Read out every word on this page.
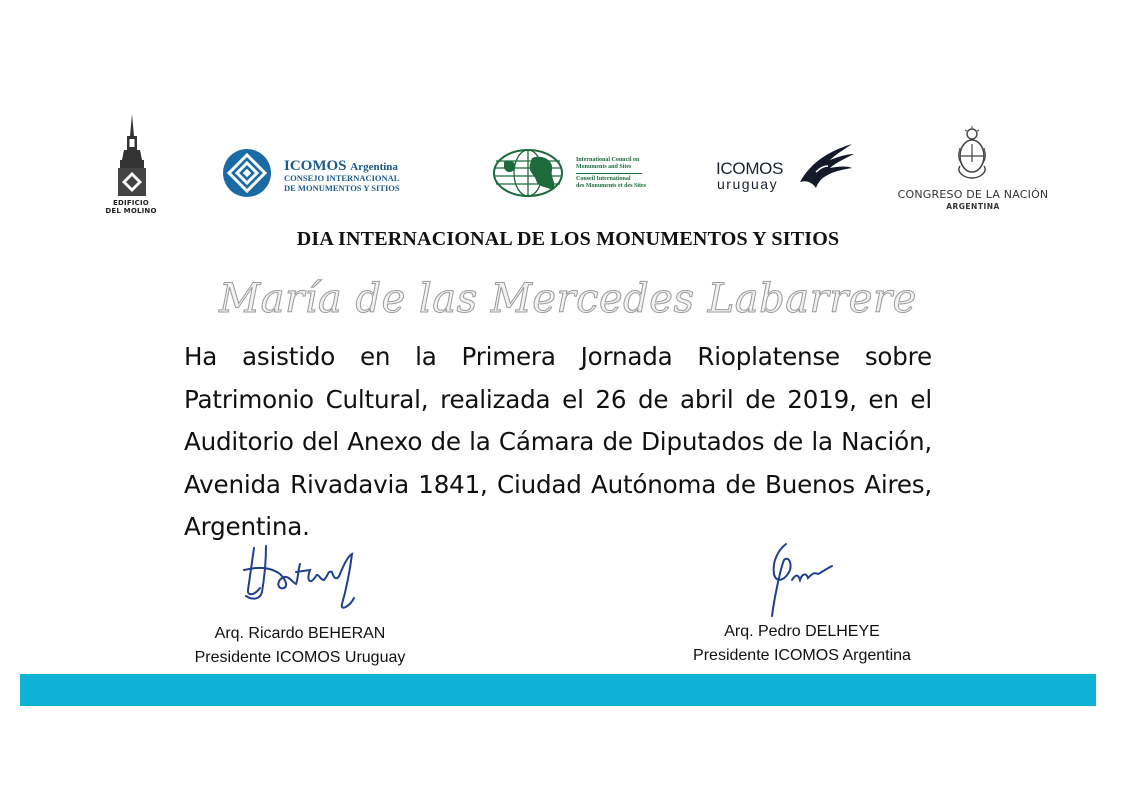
EDIFICIO
DEL MOLINO
ICOMOS Argentina
CONSEJO INTERNACIONAL
DE MONUMENTOS Y SITIOS
International Council on
Monuments and Sites
Conseil International
des Monuments et des Sites
ICOMOS
uruguay
CONGRESO DE LA NACIÓN
ARGENTINA
DIA INTERNACIONAL DE LOS MONUMENTOS Y SITIOS
María de las Mercedes Labarrere
Ha asistido en la Primera Jornada Rioplatense sobre Patrimonio Cultural, realizada el 26 de abril de 2019, en el Auditorio del Anexo de la Cámara de Diputados de la Nación, Avenida Rivadavia 1841, Ciudad Autónoma de Buenos Aires, Argentina.
Arq. Ricardo BEHERAN
Presidente ICOMOS Uruguay
Arq. Pedro DELHEYE
Presidente ICOMOS Argentina
